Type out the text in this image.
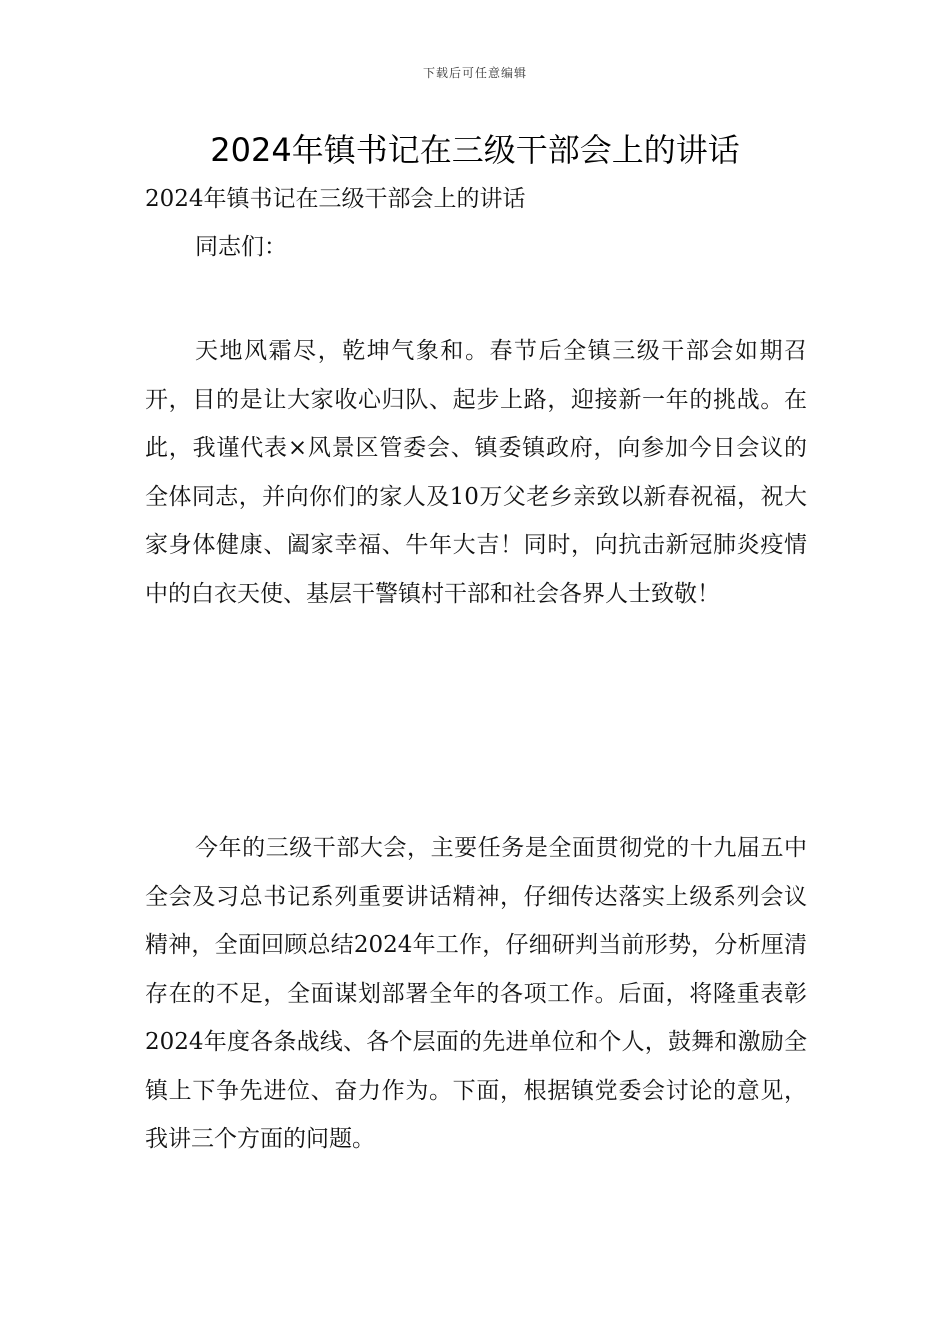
下载后可任意编辑
2024年镇书记在三级干部会上的讲话
2024年镇书记在三级干部会上的讲话
同志们：

天地风霜尽，乾坤气象和。春节后全镇三级干部会如期召开，目的是让大家收心归队、起步上路，迎接新一年的挑战。在此，我谨代表×风景区管委会、镇委镇政府，向参加今日会议的全体同志，并向你们的家人及10万父老乡亲致以新春祝福，祝大家身体健康、阖家幸福、牛年大吉！同时，向抗击新冠肺炎疫情中的白衣天使、基层干警镇村干部和社会各界人士致敬！

今年的三级干部大会，主要任务是全面贯彻党的十九届五中全会及习总书记系列重要讲话精神，仔细传达落实上级系列会议精神，全面回顾总结2024年工作，仔细研判当前形势，分析厘清存在的不足，全面谋划部署全年的各项工作。后面，将隆重表彰2024年度各条战线、各个层面的先进单位和个人，鼓舞和激励全镇上下争先进位、奋力作为。下面，根据镇党委会讨论的意见，我讲三个方面的问题。
